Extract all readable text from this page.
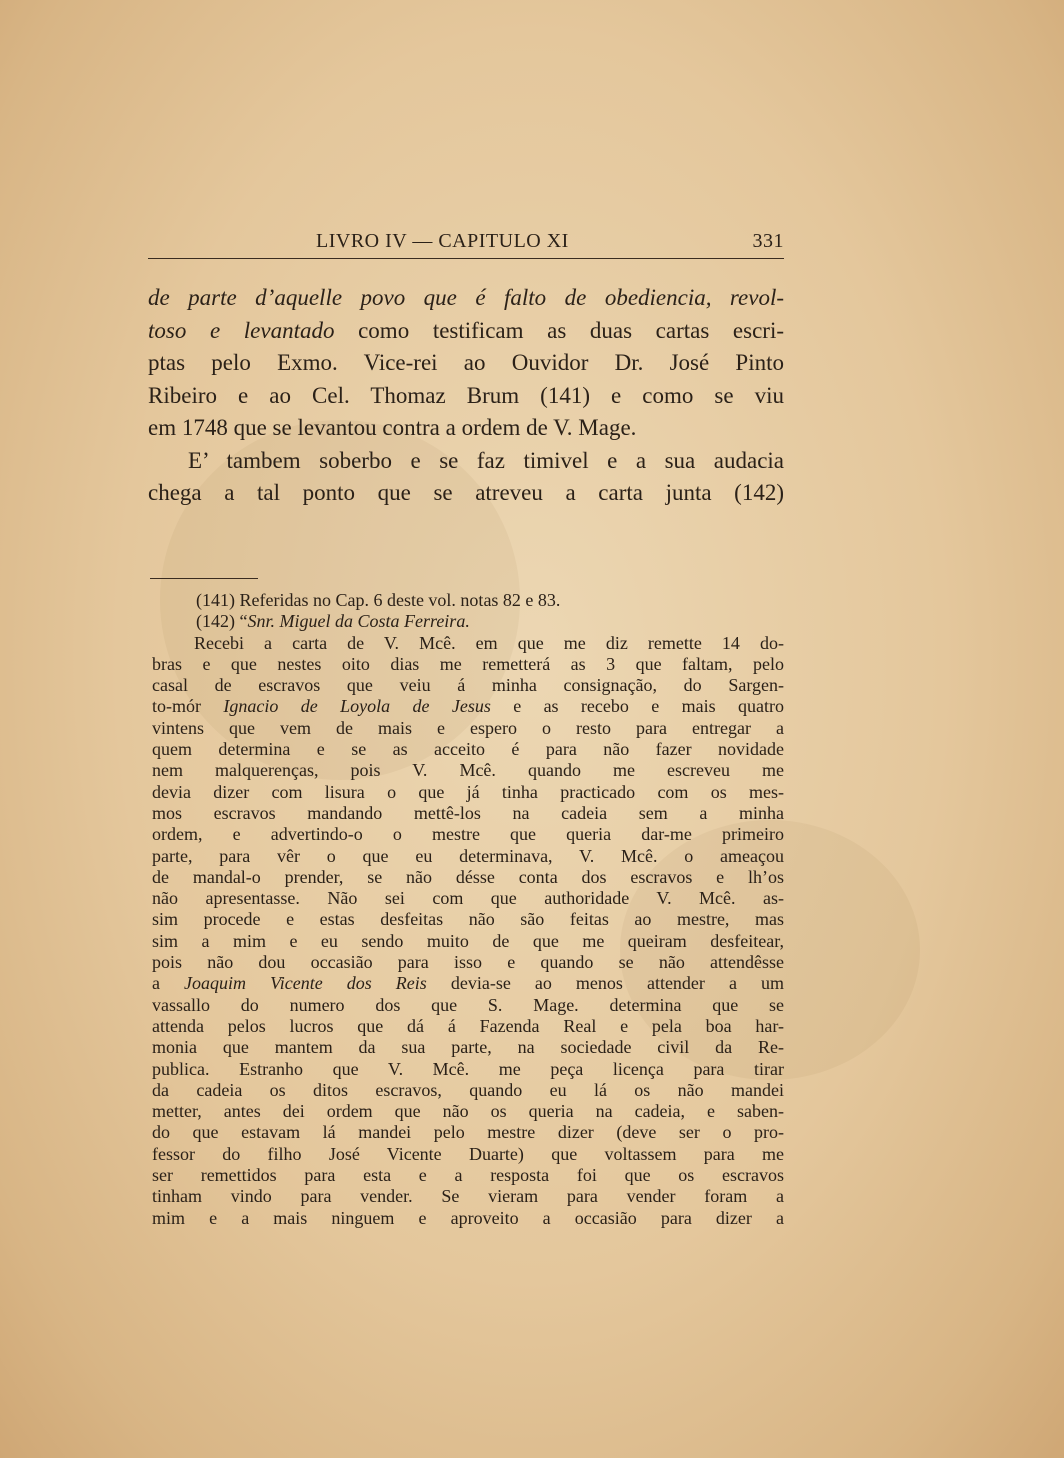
LIVRO IV — CAPITULO XI	331
de parte d’aquelle povo que é falto de obediencia, revol-
toso e levantado como testificam as duas cartas escri-
ptas pelo Exmo. Vice-rei ao Ouvidor Dr. José Pinto
Ribeiro e ao Cel. Thomaz Brum (141) e como se viu
em 1748 que se levantou contra a ordem de V. Mage.
E’ tambem soberbo e se faz timivel e a sua audacia
chega a tal ponto que se atreveu a carta junta (142)
(141) Referidas no Cap. 6 deste vol. notas 82 e 83.
(142) “Snr. Miguel da Costa Ferreira.
Recebi a carta de V. Mcê. em que me diz remette 14 do-
bras e que nestes oito dias me remetterá as 3 que faltam, pelo
casal de escravos que veiu á minha consignação, do Sargen-
to-mór Ignacio de Loyola de Jesus e as recebo e mais quatro
vintens que vem de mais e espero o resto para entregar a
quem determina e se as acceito é para não fazer novidade
nem malquerenças, pois V. Mcê. quando me escreveu me
devia dizer com lisura o que já tinha practicado com os mes-
mos escravos mandando mettê-los na cadeia sem a minha
ordem, e advertindo-o o mestre que queria dar-me primeiro
parte, para vêr o que eu determinava, V. Mcê. o ameaçou
de mandal-o prender, se não désse conta dos escravos e lh’os
não apresentasse. Não sei com que authoridade V. Mcê. as-
sim procede e estas desfeitas não são feitas ao mestre, mas
sim a mim e eu sendo muito de que me queiram desfeitear,
pois não dou occasião para isso e quando se não attendêsse
a Joaquim Vicente dos Reis devia-se ao menos attender a um
vassallo do numero dos que S. Mage. determina que se
attenda pelos lucros que dá á Fazenda Real e pela boa har-
monia que mantem da sua parte, na sociedade civil da Re-
publica. Estranho que V. Mcê. me peça licença para tirar
da cadeia os ditos escravos, quando eu lá os não mandei
metter, antes dei ordem que não os queria na cadeia, e saben-
do que estavam lá mandei pelo mestre dizer (deve ser o pro-
fessor do filho José Vicente Duarte) que voltassem para me
ser remettidos para esta e a resposta foi que os escravos
tinham vindo para vender. Se vieram para vender foram a
mim e a mais ninguem e aproveito a occasião para dizer a
